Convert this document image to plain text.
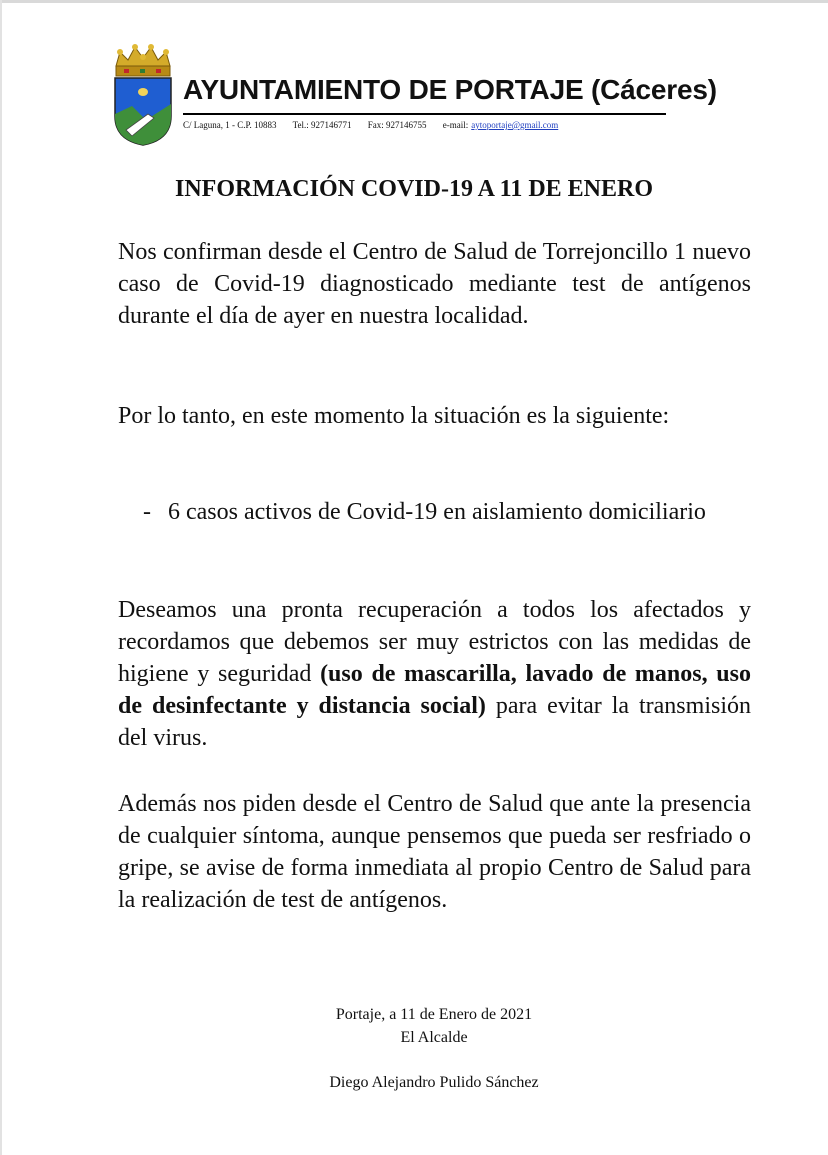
AYUNTAMIENTO DE PORTAJE (Cáceres)
C/ Laguna, 1 - C.P. 10883 Tel.: 927146771 Fax: 927146755 e-mail: aytoportaje@gmail.com
INFORMACIÓN COVID-19 A 11 DE ENERO

Nos confirman desde el Centro de Salud de Torrejoncillo 1 nuevo caso de Covid-19 diagnosticado mediante test de antígenos durante el día de ayer en nuestra localidad.

Por lo tanto, en este momento la situación es la siguiente:

- 6 casos activos de Covid-19 en aislamiento domiciliario

Deseamos una pronta recuperación a todos los afectados y recordamos que debemos ser muy estrictos con las medidas de higiene y seguridad (uso de mascarilla, lavado de manos, uso de desinfectante y distancia social) para evitar la transmisión del virus.

Además nos piden desde el Centro de Salud que ante la presencia de cualquier síntoma, aunque pensemos que pueda ser resfriado o gripe, se avise de forma inmediata al propio Centro de Salud para la realización de test de antígenos.

Portaje, a 11 de Enero de 2021
El Alcalde
Diego Alejandro Pulido Sánchez
